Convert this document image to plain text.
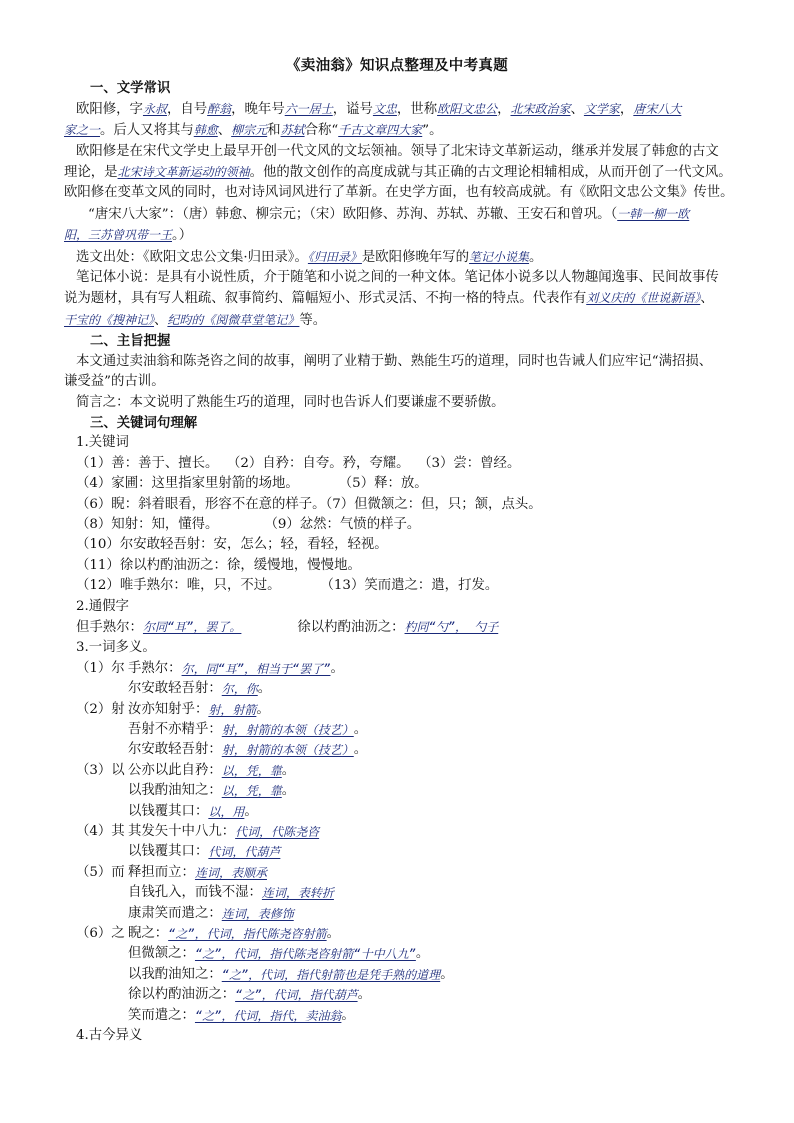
《卖油翁》知识点整理及中考真题
一、文学常识
欧阳修，字永叔，自号醉翁，晚年号六一居士，谥号文忠，世称欧阳文忠公，北宋政治家、文学家，唐宋八大
家之一。后人又将其与韩愈、柳宗元和苏轼合称“千古文章四大家”。
欧阳修是在宋代文学史上最早开创一代文风的文坛领袖。领导了北宋诗文革新运动，继承并发展了韩愈的古文
理论，是北宋诗文革新运动的领袖。他的散文创作的高度成就与其正确的古文理论相辅相成，从而开创了一代文风。
欧阳修在变革文风的同时，也对诗风词风进行了革新。在史学方面，也有较高成就。有《欧阳文忠公文集》传世。
“唐宋八大家”：（唐）韩愈、柳宗元；（宋）欧阳修、苏洵、苏轼、苏辙、王安石和曾巩。（一韩一柳一欧
阳，三苏曾巩带一王。）
选文出处：《欧阳文忠公文集·归田录》。《归田录》是欧阳修晚年写的笔记小说集。
笔记体小说：是具有小说性质，介于随笔和小说之间的一种文体。笔记体小说多以人物趣闻逸事、民间故事传
说为题材，具有写人粗疏、叙事简约、篇幅短小、形式灵活、不拘一格的特点。代表作有刘义庆的《世说新语》、
干宝的《搜神记》、纪昀的《阅微草堂笔记》等。
二、主旨把握
本文通过卖油翁和陈尧咨之间的故事，阐明了业精于勤、熟能生巧的道理，同时也告诫人们应牢记“满招损、
谦受益”的古训。
简言之：本文说明了熟能生巧的道理，同时也告诉人们要谦虚不要骄傲。
三、关键词句理解
1.关键词
（1）善：善于、擅长。 （2）自矜：自夸。矜，夸耀。 （3）尝：曾经。
（4）家圃：这里指家里射箭的场地。	（5）释：放。
（6）睨：斜着眼看，形容不在意的样子。（7）但微颔之：但，只；颔，点头。
（8）知射：知，懂得。	（9）忿然：气愤的样子。
（10）尔安敢轻吾射：安，怎么；轻，看轻，轻视。
（11）徐以杓酌油沥之：徐，缓慢地，慢慢地。
（12）唯手熟尔：唯，只，不过。	（13）笑而遣之：遣，打发。
2.通假字
但手熟尔：尔同“耳”，罢了。	徐以杓酌油沥之：杓同“勺”， 勺子
3.一词多义。
（1）尔 手熟尔： 尔，同“耳”，相当于“罢了” 。
尔安敢轻吾射： 尔，你 。
（2）射 汝亦知射乎： 射，射箭 。
吾射不亦精乎： 射，射箭的本领（技艺） 。
尔安敢轻吾射： 射，射箭的本领（技艺） 。
（3）以 公亦以此自矜： 以，凭，靠 。
以我酌油知之： 以，凭，靠 。
以钱覆其口： 以，用 。
（4）其 其发矢十中八九： 代词，代陈尧咨
以钱覆其口： 代词，代葫芦
（5）而 释担而立： 连词，表顺承
自钱孔入，而钱不湿： 连词，表转折
康肃笑而遣之： 连词，表修饰
（6）之 睨之： “之”，代词，指代陈尧咨射箭 。
但微颔之： “之”，代词，指代陈尧咨射箭“十中八九” 。
以我酌油知之： “之”，代词，指代射箭也是凭手熟的道理 。
徐以杓酌油沥之： “之”，代词，指代葫芦 。
笑而遣之： “之”，代词，指代，卖油翁 。
4.古今异义
